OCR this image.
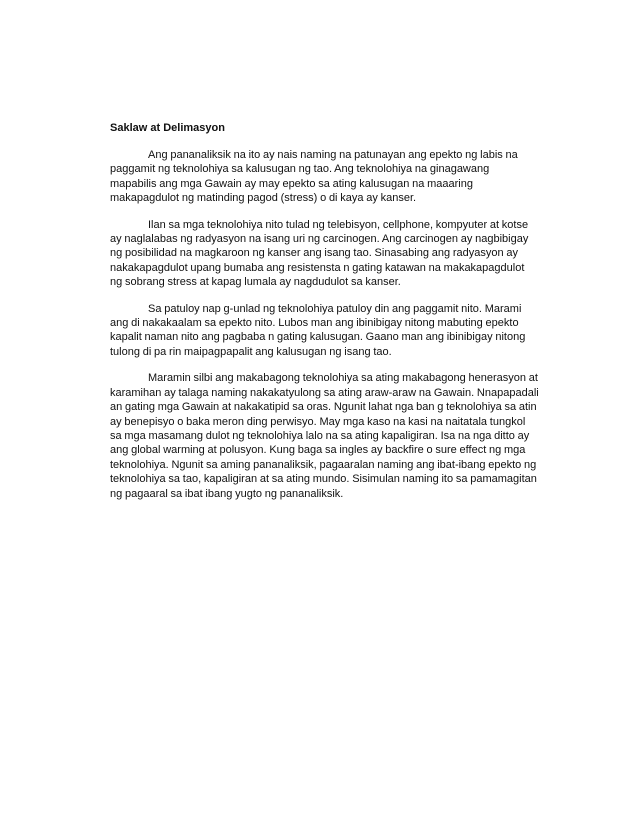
Saklaw at Delimasyon
Ang pananaliksik na ito ay nais naming na patunayan ang epekto ng labis na
paggamit ng teknolohiya sa kalusugan ng tao. Ang teknolohiya na ginagawang
mapabilis ang mga Gawain ay may epekto sa ating kalusugan na maaaring
makapagdulot ng matinding pagod (stress) o di kaya ay kanser.
Ilan sa mga teknolohiya nito tulad ng telebisyon, cellphone, kompyuter at kotse
ay naglalabas ng radyasyon na isang uri ng carcinogen. Ang carcinogen ay nagbibigay
ng posibilidad na magkaroon ng kanser ang isang tao. Sinasabing ang radyasyon ay
nakakapagdulot upang bumaba ang resistensta n gating katawan na makakapagdulot
ng sobrang stress at kapag lumala ay nagdudulot sa kanser.
Sa patuloy nap g-unlad ng teknolohiya patuloy din ang paggamit nito. Marami
ang di nakakaalam sa epekto nito. Lubos man ang ibinibigay nitong mabuting epekto
kapalit naman nito ang pagbaba n gating kalusugan. Gaano man ang ibinibigay nitong
tulong di pa rin maipagpapalit ang kalusugan ng isang tao.
Maramin silbi ang makabagong teknolohiya sa ating makabagong henerasyon at
karamihan ay talaga naming nakakatyulong sa ating araw-araw na Gawain. Nnapapadali
an gating mga Gawain at nakakatipid sa oras. Ngunit lahat nga ban g teknolohiya sa atin
ay benepisyo o baka meron ding perwisyo. May mga kaso na kasi na naitatala tungkol
sa mga masamang dulot ng teknolohiya lalo na sa ating kapaligiran. Isa na nga ditto ay
ang global warming at polusyon. Kung baga sa ingles ay backfire o sure effect ng mga
teknolohiya. Ngunit sa aming pananaliksik, pagaaralan naming ang ibat-ibang epekto ng
teknolohiya sa tao, kapaligiran at sa ating mundo. Sisimulan naming ito sa pamamagitan
ng pagaaral sa ibat ibang yugto ng pananaliksik.
